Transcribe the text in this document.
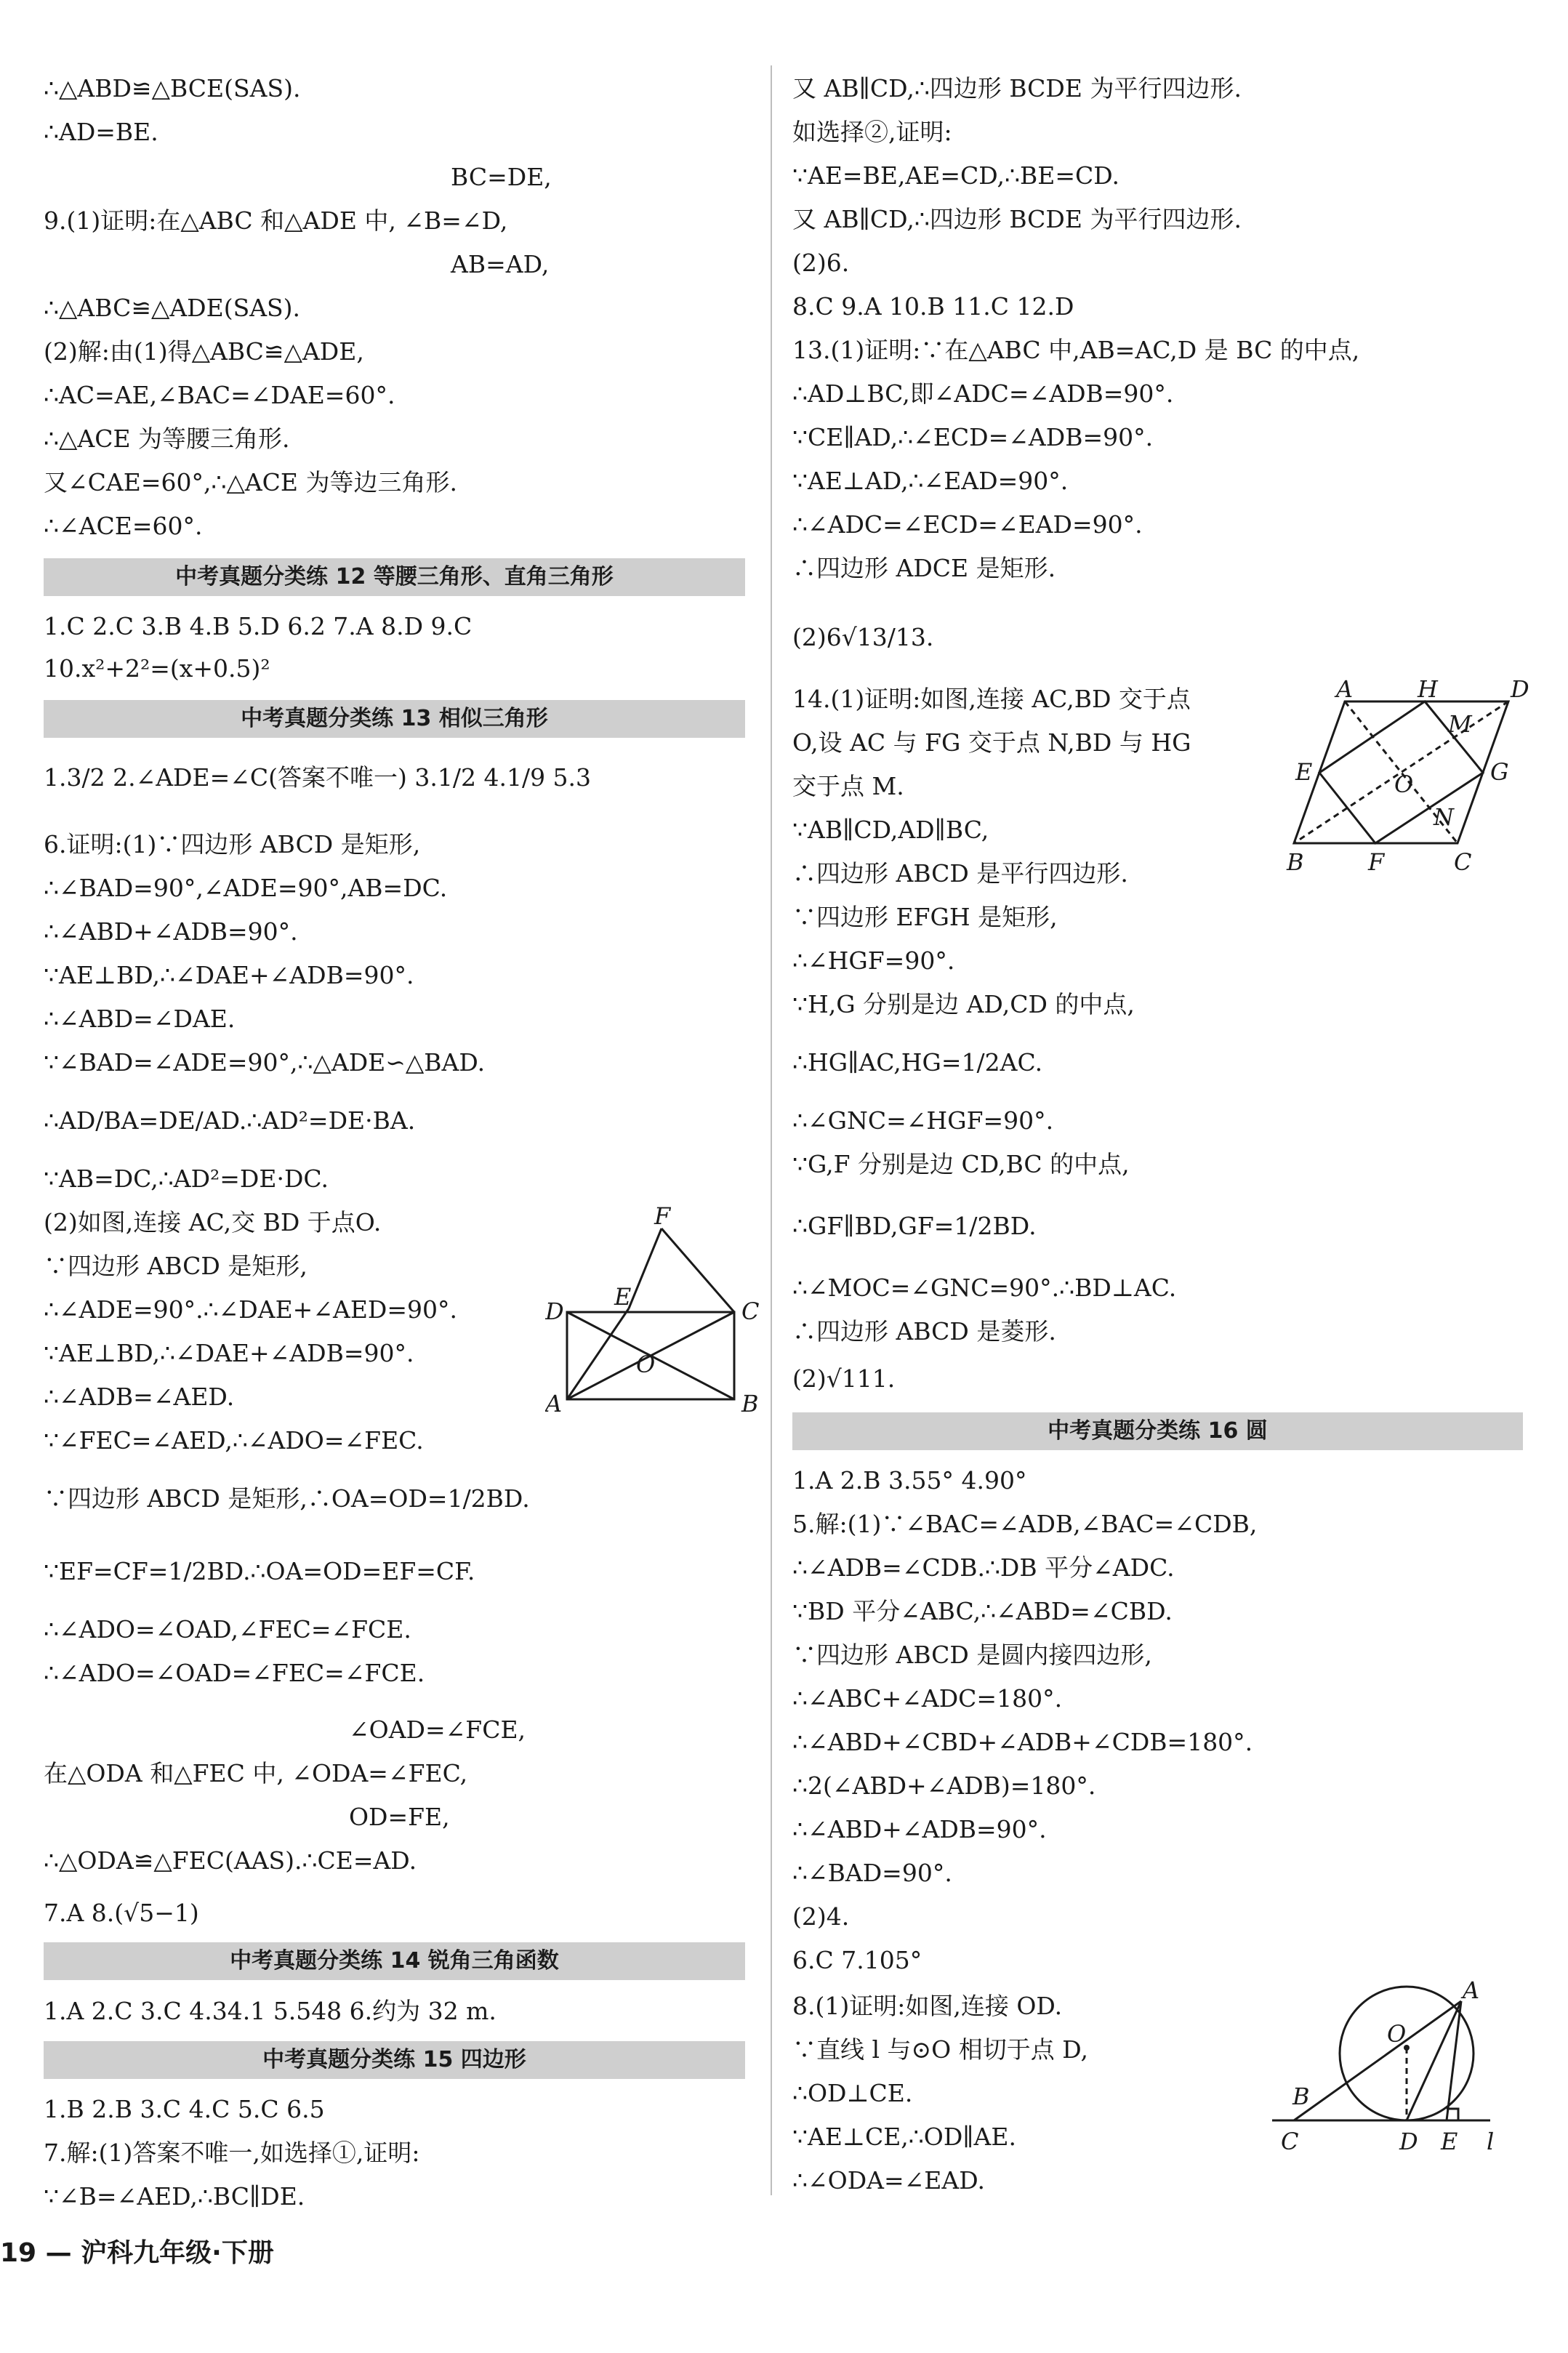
∴△ABD≌△BCE(SAS).
∴AD=BE.
BC=DE,
9.(1)证明:在△ABC 和△ADE 中, ∠B=∠D,
AB=AD,
∴△ABC≌△ADE(SAS).
(2)解:由(1)得△ABC≌△ADE,
∴AC=AE,∠BAC=∠DAE=60°.
∴△ACE 为等腰三角形.
又∠CAE=60°,∴△ACE 为等边三角形.
∴∠ACE=60°.
中考真题分类练 12 等腰三角形、直角三角形
1.C 2.C 3.B 4.B 5.D 6.2 7.A 8.D 9.C
10.x²+2²=(x+0.5)²
中考真题分类练 13 相似三角形
1.3/2 2.∠ADE=∠C(答案不唯一) 3.1/2 4.1/9 5.3
6.证明:(1)∵四边形 ABCD 是矩形,
∴∠BAD=90°,∠ADE=90°,AB=DC.
∴∠ABD+∠ADB=90°.
∵AE⊥BD,∴∠DAE+∠ADB=90°.
∴∠ABD=∠DAE.
∵∠BAD=∠ADE=90°,∴△ADE∽△BAD.
∴AD/BA=DE/AD.∴AD²=DE·BA.
∵AB=DC,∴AD²=DE·DC.
(2)如图,连接 AC,交 BD 于点O.
∵四边形 ABCD 是矩形,
∴∠ADE=90°.∴∠DAE+∠AED=90°.
∵AE⊥BD,∴∠DAE+∠ADB=90°.
∴∠ADB=∠AED.
∵∠FEC=∠AED,∴∠ADO=∠FEC.
∵四边形 ABCD 是矩形,∴OA=OD=1/2BD.
∵EF=CF=1/2BD.∴OA=OD=EF=CF.
∴∠ADO=∠OAD,∠FEC=∠FCE.
∴∠ADO=∠OAD=∠FEC=∠FCE.
∠OAD=∠FCE,
在△ODA 和△FEC 中, ∠ODA=∠FEC,
OD=FE,
∴△ODA≌△FEC(AAS).∴CE=AD.
7.A 8.(√5−1)
中考真题分类练 14 锐角三角函数
1.A 2.C 3.C 4.34.1 5.548 6.约为 32 m.
中考真题分类练 15 四边形
1.B 2.B 3.C 4.C 5.C 6.5
7.解:(1)答案不唯一,如选择①,证明:
∵∠B=∠AED,∴BC∥DE.
F
E
D	C
O
A	B
又 AB∥CD,∴四边形 BCDE 为平行四边形.
如选择②,证明:
∵AE=BE,AE=CD,∴BE=CD.
又 AB∥CD,∴四边形 BCDE 为平行四边形.
(2)6.
8.C 9.A 10.B 11.C 12.D
13.(1)证明:∵在△ABC 中,AB=AC,D 是 BC 的中点,
∴AD⊥BC,即∠ADC=∠ADB=90°.
∵CE∥AD,∴∠ECD=∠ADB=90°.
∵AE⊥AD,∴∠EAD=90°.
∴∠ADC=∠ECD=∠EAD=90°.
∴四边形 ADCE 是矩形.
(2)6√13/13.
14.(1)证明:如图,连接 AC,BD 交于点
O,设 AC 与 FG 交于点 N,BD 与 HG
交于点 M.
∵AB∥CD,AD∥BC,
∴四边形 ABCD 是平行四边形.
∵四边形 EFGH 是矩形,
∴∠HGF=90°.
∵H,G 分别是边 AD,CD 的中点,
∴HG∥AC,HG=1/2AC.
∴∠GNC=∠HGF=90°.
∵G,F 分别是边 CD,BC 的中点,
∴GF∥BD,GF=1/2BD.
∴∠MOC=∠GNC=90°.∴BD⊥AC.
∴四边形 ABCD 是菱形.
(2)√111.
中考真题分类练 16 圆
1.A 2.B 3.55° 4.90°
5.解:(1)∵∠BAC=∠ADB,∠BAC=∠CDB,
∴∠ADB=∠CDB.∴DB 平分∠ADC.
∵BD 平分∠ABC,∴∠ABD=∠CBD.
∵四边形 ABCD 是圆内接四边形,
∴∠ABC+∠ADC=180°.
∴∠ABD+∠CBD+∠ADB+∠CDB=180°.
∴2(∠ABD+∠ADB)=180°.
∴∠ABD+∠ADB=90°.
∴∠BAD=90°.
(2)4.
6.C 7.105°
8.(1)证明:如图,连接 OD.
∵直线 l 与⊙O 相切于点 D,
∴OD⊥CE.
∵AE⊥CE,∴OD∥AE.
∴∠ODA=∠EAD.
A	H	D
M
E	O	G
N
B	F	C
O
A
B
C	D E l
19 — 沪科九年级·下册
